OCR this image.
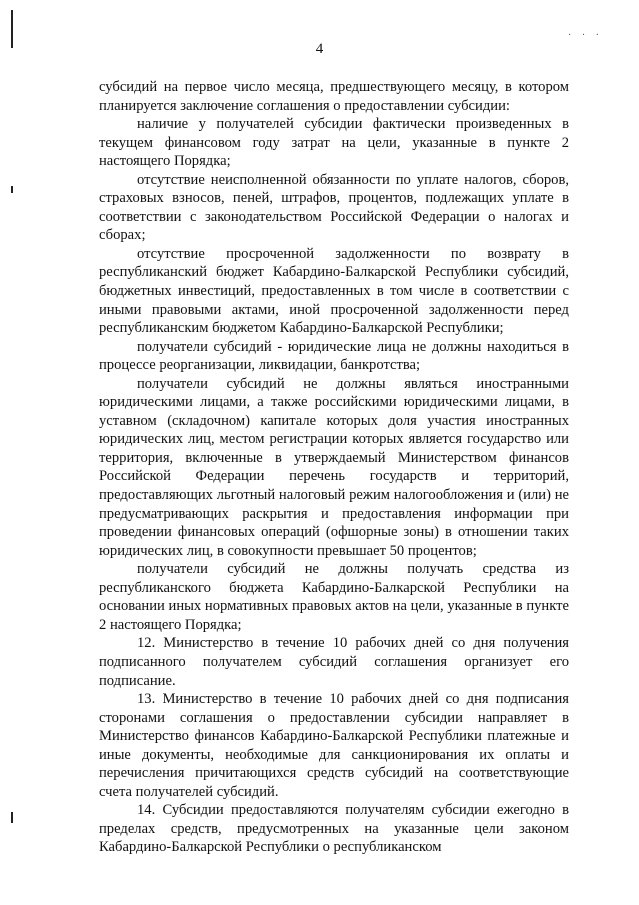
· · ·
4

субсидий на первое число месяца, предшествующего месяцу, в котором планируется заключение соглашения о предоставлении субсидии:

наличие у получателей субсидии фактически произведенных в текущем финансовом году затрат на цели, указанные в пункте 2 настоящего Порядка;

отсутствие неисполненной обязанности по уплате налогов, сборов, страховых взносов, пеней, штрафов, процентов, подлежащих уплате в соответствии с законодательством Российской Федерации о налогах и сборах;

отсутствие просроченной задолженности по возврату в республиканский бюджет Кабардино-Балкарской Республики субсидий, бюджетных инвестиций, предоставленных в том числе в соответствии с иными правовыми актами, иной просроченной задолженности перед республиканским бюджетом Кабардино-Балкарской Республики;

получатели субсидий - юридические лица не должны находиться в процессе реорганизации, ликвидации, банкротства;

получатели субсидий не должны являться иностранными юридическими лицами, а также российскими юридическими лицами, в уставном (складочном) капитале которых доля участия иностранных юридических лиц, местом регистрации которых является государство или территория, включенные в утверждаемый Министерством финансов Российской Федерации перечень государств и территорий, предоставляющих льготный налоговый режим налогообложения и (или) не предусматривающих раскрытия и предоставления информации при проведении финансовых операций (офшорные зоны) в отношении таких юридических лиц, в совокупности превышает 50 процентов;

получатели субсидий не должны получать средства из республиканского бюджета Кабардино-Балкарской Республики на основании иных нормативных правовых актов на цели, указанные в пункте 2 настоящего Порядка;

12. Министерство в течение 10 рабочих дней со дня получения подписанного получателем субсидий соглашения организует его подписание.

13. Министерство в течение 10 рабочих дней со дня подписания сторонами соглашения о предоставлении субсидии направляет в Министерство финансов Кабардино-Балкарской Республики платежные и иные документы, необходимые для санкционирования их оплаты и перечисления причитающихся средств субсидий на соответствующие счета получателей субсидий.

14. Субсидии предоставляются получателям субсидии ежегодно в пределах средств, предусмотренных на указанные цели законом Кабардино-Балкарской Республики о республиканском
